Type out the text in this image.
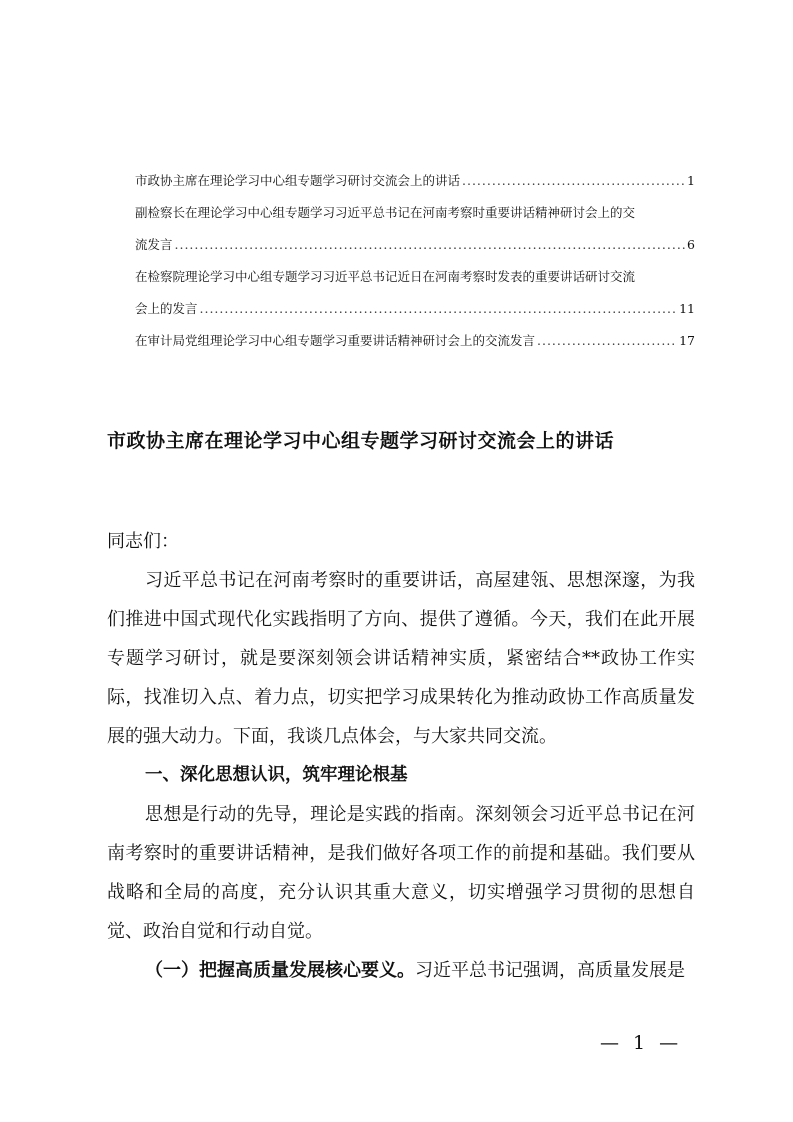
市政协主席在理论学习中心组专题学习研讨交流会上的讲话 .....	1
副检察长在理论学习中心组专题学习习近平总书记在河南考察时重要讲话精神研讨会上的交
流发言 .....	6
在检察院理论学习中心组专题学习习近平总书记近日在河南考察时发表的重要讲话研讨交流
会上的发言 .....	11
在审计局党组理论学习中心组专题学习重要讲话精神研讨会上的交流发言 .....	17
市政协主席在理论学习中心组专题学习研讨交流会上的讲话

同志们：

习近平总书记在河南考察时的重要讲话，高屋建瓴、思想深邃，为我们推进中国式现代化实践指明了方向、提供了遵循。今天，我们在此开展专题学习研讨，就是要深刻领会讲话精神实质，紧密结合**政协工作实际，找准切入点、着力点，切实把学习成果转化为推动政协工作高质量发展的强大动力。下面，我谈几点体会，与大家共同交流。

一、深化思想认识，筑牢理论根基

思想是行动的先导，理论是实践的指南。深刻领会习近平总书记在河南考察时的重要讲话精神，是我们做好各项工作的前提和基础。我们要从战略和全局的高度，充分认识其重大意义，切实增强学习贯彻的思想自觉、政治自觉和行动自觉。

（一）把握高质量发展核心要义。习近平总书记强调，高质量发展是

— 1 —
